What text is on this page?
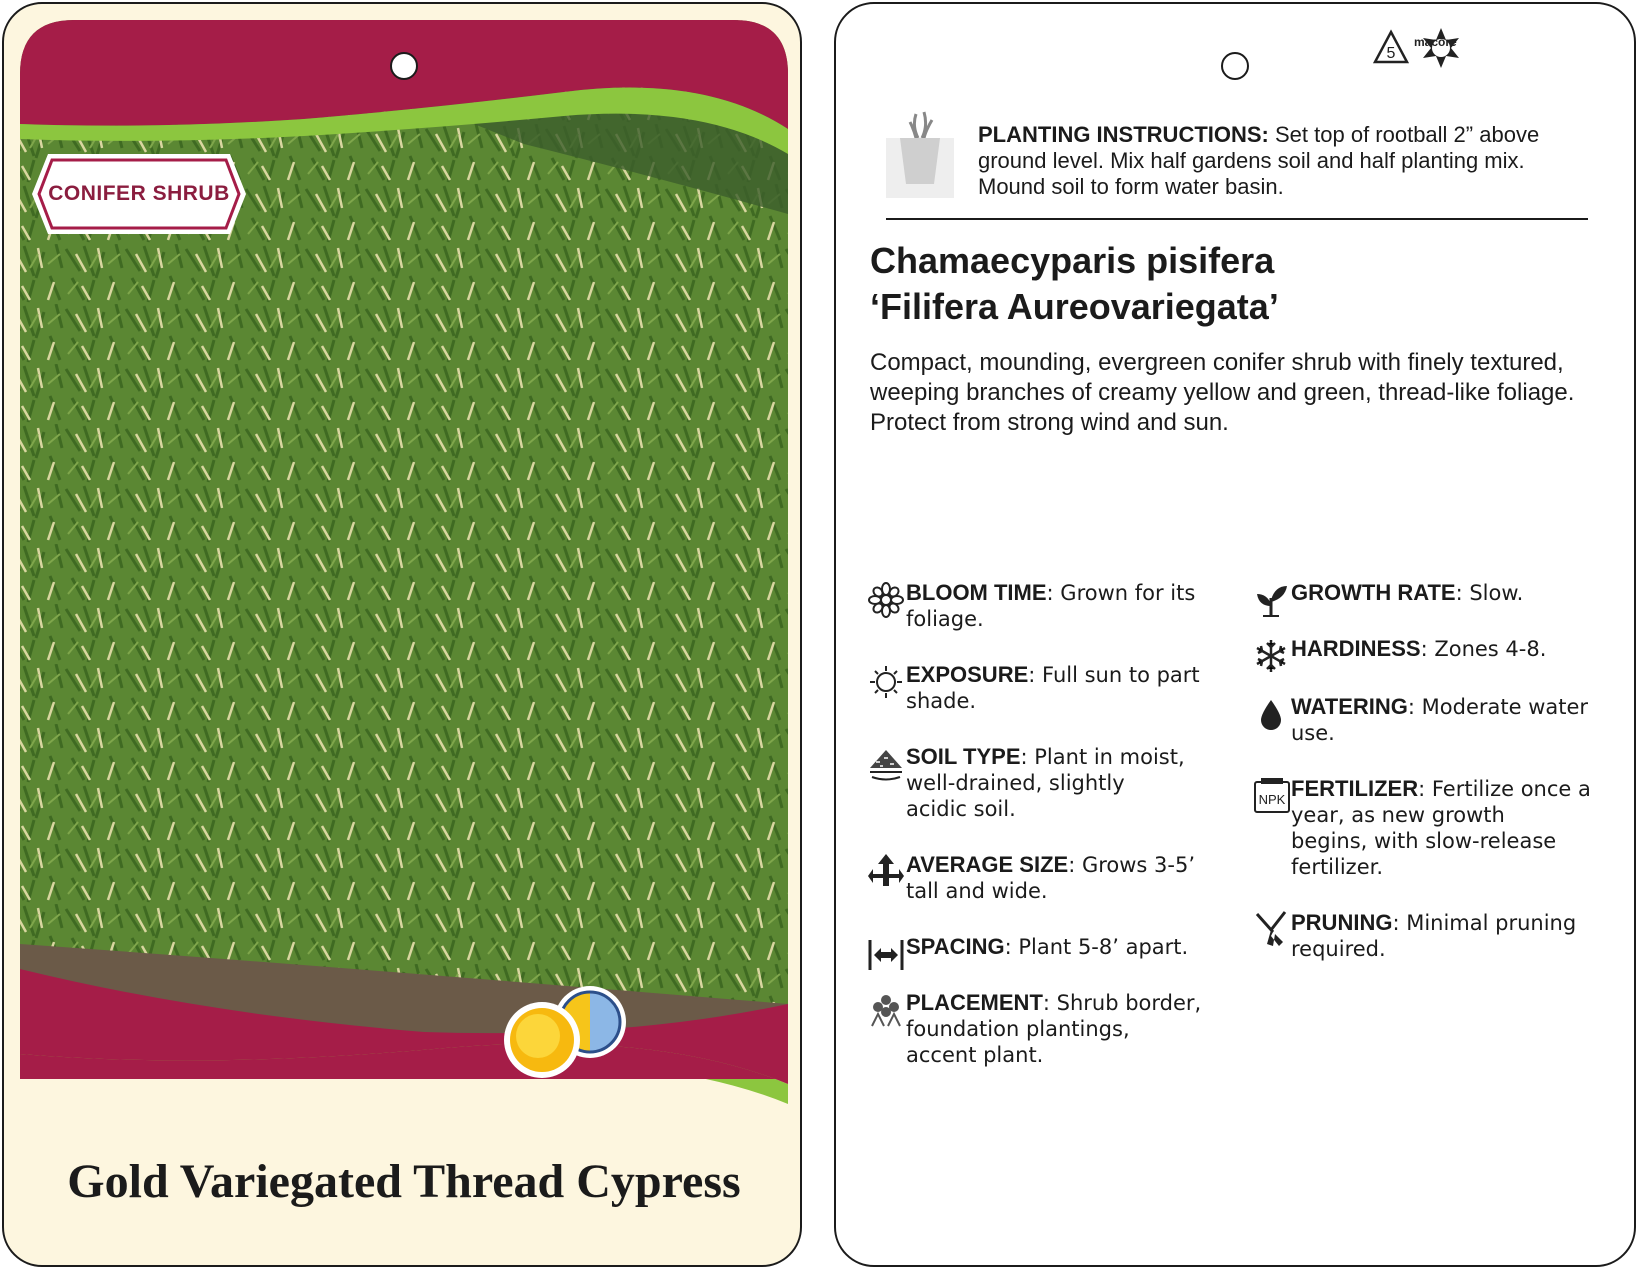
CONIFER SHRUB
Gold Variegated Thread Cypress
5
macore
PLANTING INSTRUCTIONS: Set top of rootball 2” above ground level. Mix half gardens soil and half planting mix. Mound soil to form water basin.
Chamaecyparis pisifera
‘Filifera Aureovariegata’
Compact, mounding, evergreen conifer shrub with finely textured, weeping branches of creamy yellow and green, thread-like foliage. Protect from strong wind and sun.
BLOOM TIME: Grown for its
foliage.
EXPOSURE: Full sun to part
shade.
SOIL TYPE: Plant in moist,
well-drained, slightly
acidic soil.
AVERAGE SIZE: Grows 3-5’
tall and wide.
SPACING: Plant 5-8’ apart.
PLACEMENT: Shrub border,
foundation plantings,
accent plant.
GROWTH RATE: Slow.
HARDINESS: Zones 4-8.
WATERING: Moderate water
use.
NPK FERTILIZER: Fertilize once a
year, as new growth
begins, with slow-release
fertilizer.
PRUNING: Minimal pruning
required.
